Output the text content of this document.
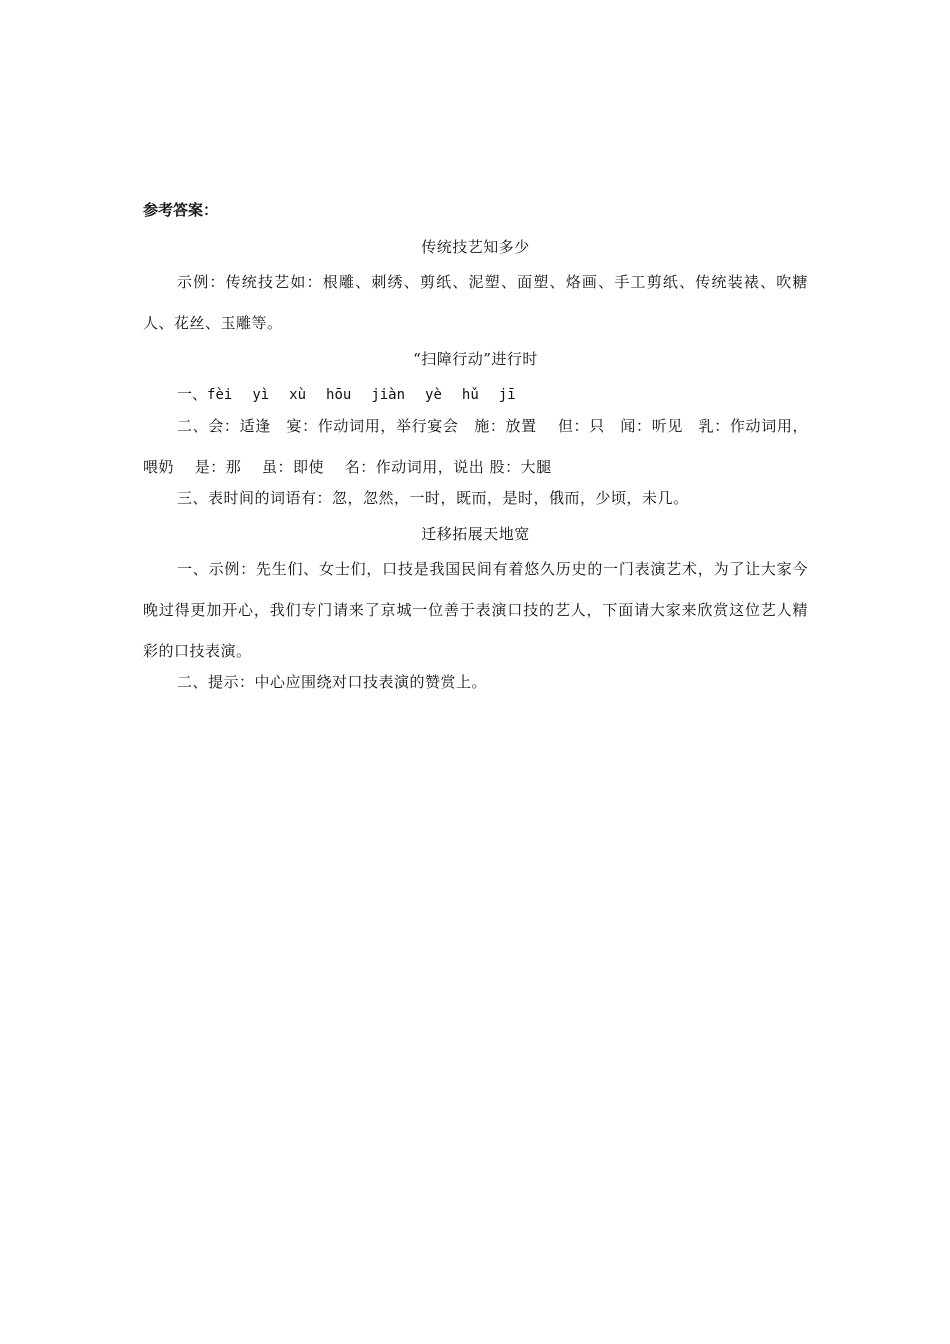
参考答案：
传统技艺知多少

示例：传统技艺如：根雕、刺绣、剪纸、泥塑、面塑、烙画、手工剪纸、传统装裱、吹糖人、花丝、玉雕等。

“扫障行动”进行时
一、fèi yì xù hōu jiàn yè hǔ jī

二、会：适逢　宴：作动词用，举行宴会　施：放置　 但：只　闻：听见　乳：作动词用，喂奶　 是：那　 虽：即使　 名：作动词用，说出 股：大腿

三、表时间的词语有：忽，忽然，一时，既而，是时，俄而，少顷，未几。

迁移拓展天地宽

一、示例：先生们、女士们，口技是我国民间有着悠久历史的一门表演艺术，为了让大家今晚过得更加开心，我们专门请来了京城一位善于表演口技的艺人，下面请大家来欣赏这位艺人精彩的口技表演。

二、提示：中心应围绕对口技表演的赞赏上。
